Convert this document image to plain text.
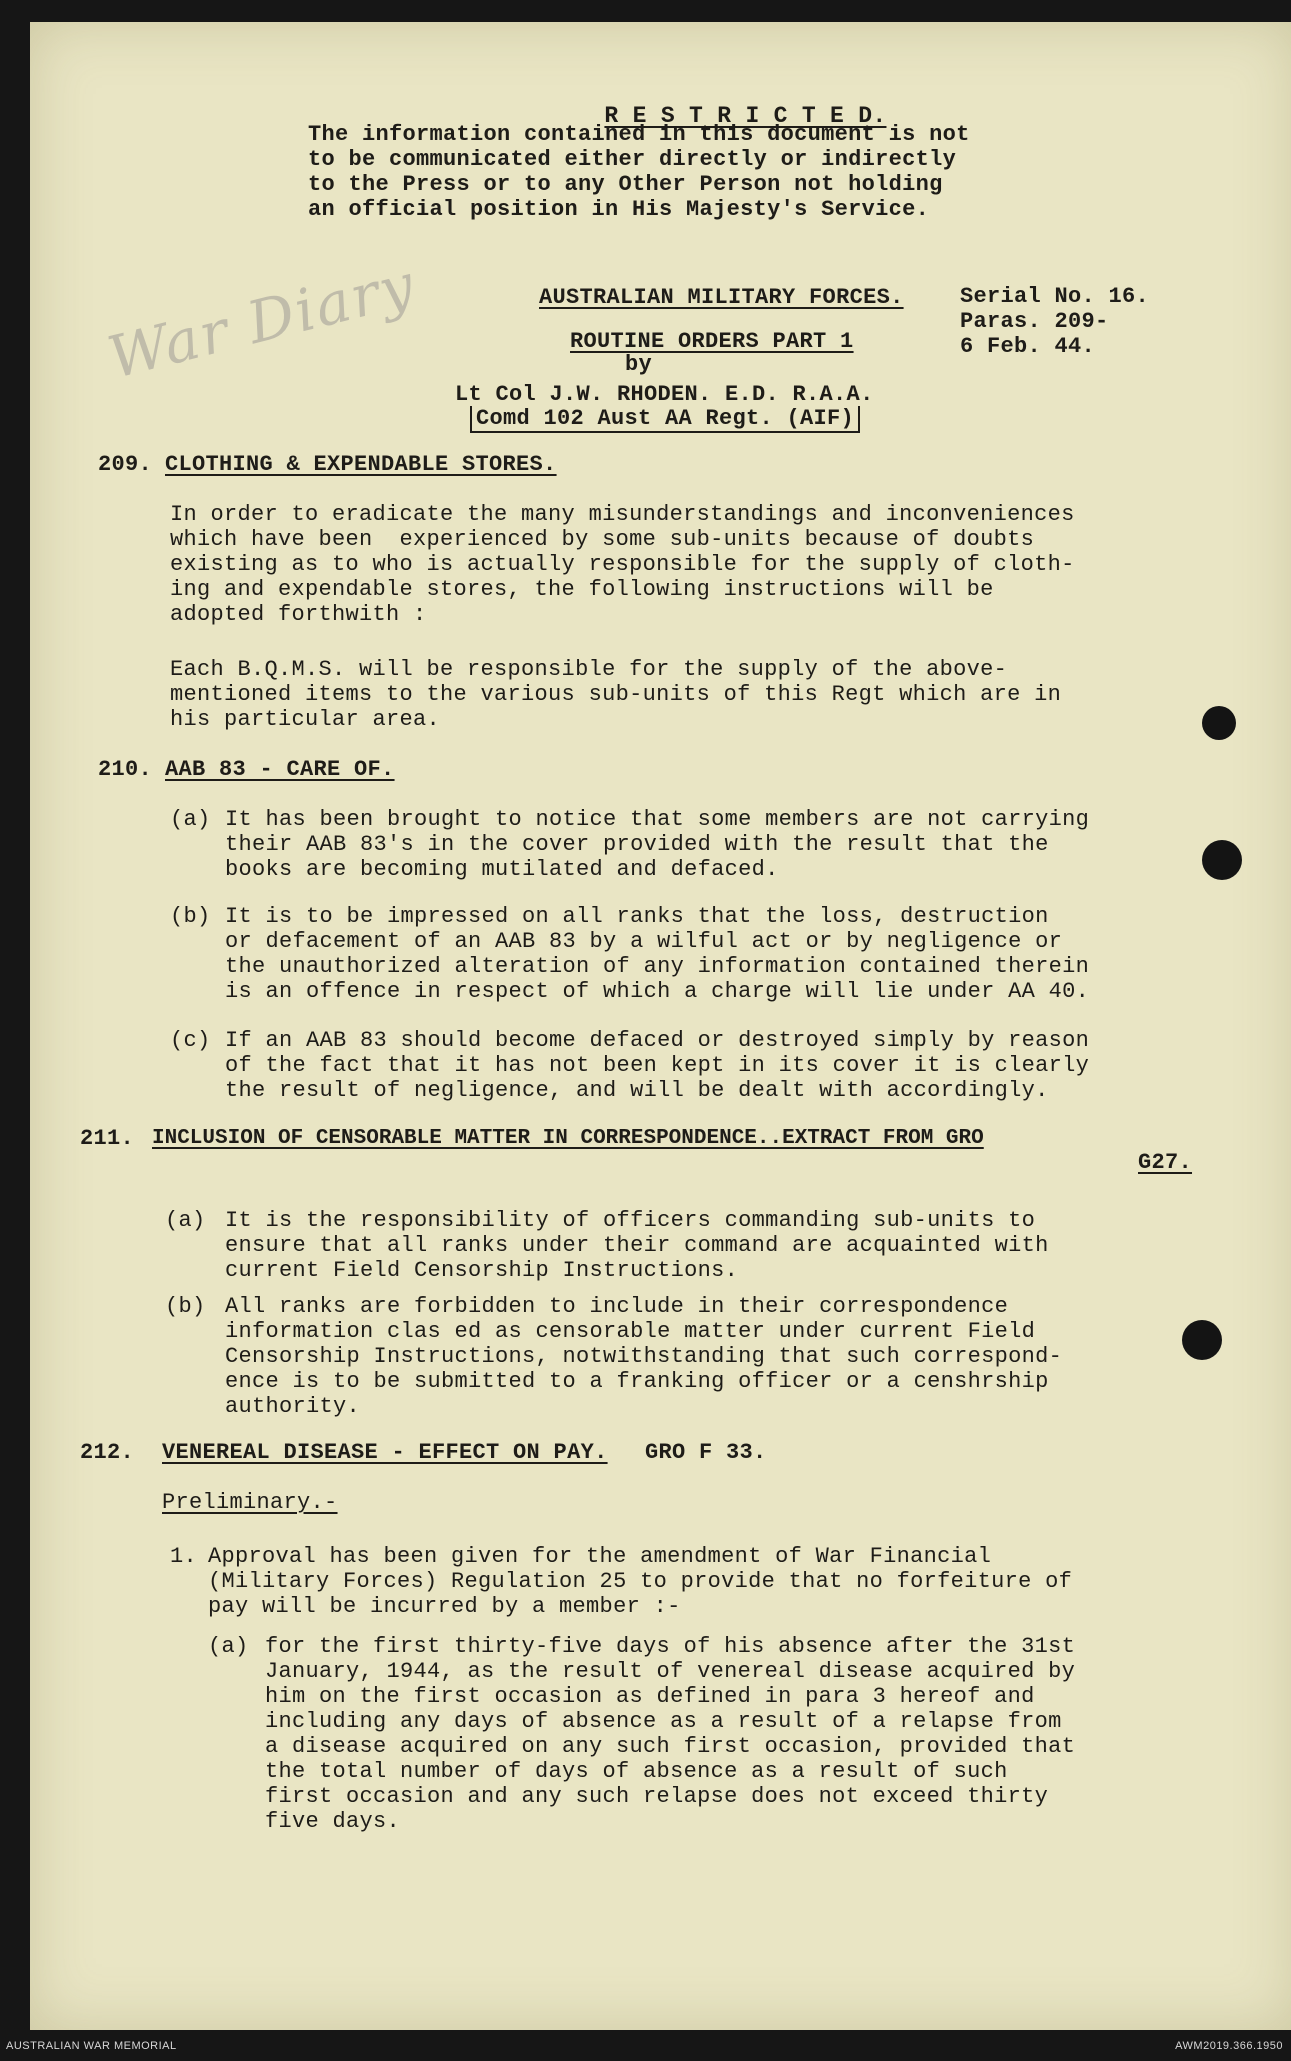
War Diary

R E S T R I C T E D.

The information contained in this document is not

to be communicated either directly or indirectly

to the Press or to any Other Person not holding

an official position in His Majesty's Service.

AUSTRALIAN MILITARY FORCES.

ROUTINE ORDERS PART 1

by
Lt Col J.W. RHODEN. E.D. R.A.A.
Comd 102 Aust AA Regt. (AIF)

Serial No. 16.

Paras. 209-

6 Feb. 44.

209. CLOTHING & EXPENDABLE STORES.

In order to eradicate the many misunderstandings and inconveniences

which have been  experienced by some sub-units because of doubts

existing as to who is actually responsible for the supply of cloth-

ing and expendable stores, the following instructions will be

adopted forthwith :

Each B.Q.M.S. will be responsible for the supply of the above-

mentioned items to the various sub-units of this Regt which are in

his particular area.

210. AAB 83 - CARE OF.
(a) It has been brought to notice that some members are not carrying

their AAB 83's in the cover provided with the result that the

books are becoming mutilated and defaced.

(b) It is to be impressed on all ranks that the loss, destruction

or defacement of an AAB 83 by a wilful act or by negligence or

the unauthorized alteration of any information contained therein

is an offence in respect of which a charge will lie under AA 40.

(c) If an AAB 83 should become defaced or destroyed simply by reason

of the fact that it has not been kept in its cover it is clearly

the result of negligence, and will be dealt with accordingly.

211. INCLUSION OF CENSORABLE MATTER IN CORRESPONDENCE..EXTRACT FROM GRO
G27.
(a) It is the responsibility of officers commanding sub-units to

ensure that all ranks under their command are acquainted with

current Field Censorship Instructions.

(b) All ranks are forbidden to include in their correspondence

information clas ed as censorable matter under current Field

Censorship Instructions, notwithstanding that such correspond-

ence is to be submitted to a franking officer or a censhrship

authority.

212. VENEREAL DISEASE - EFFECT ON PAY. GRO F 33.
Preliminary.-
1. Approval has been given for the amendment of War Financial

(Military Forces) Regulation 25 to provide that no forfeiture of

pay will be incurred by a member :-

(a) for the first thirty-five days of his absence after the 31st

January, 1944, as the result of venereal disease acquired by

him on the first occasion as defined in para 3 hereof and

including any days of absence as a result of a relapse from

a disease acquired on any such first occasion, provided that

the total number of days of absence as a result of such

first occasion and any such relapse does not exceed thirty

five days.

AUSTRALIAN WAR MEMORIAL	AWM2019.366.1950
